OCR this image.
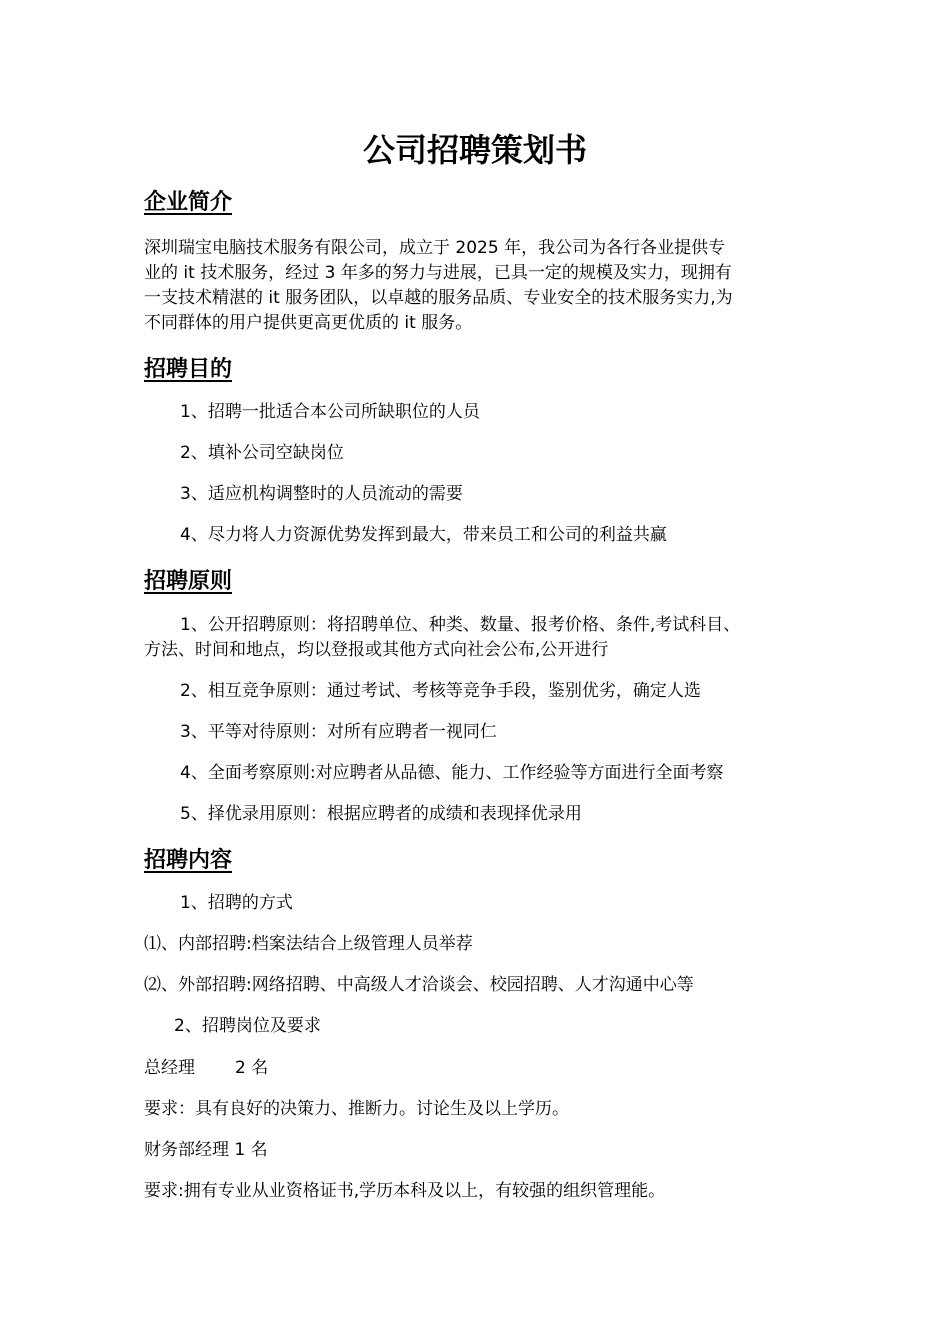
公司招聘策划书
企业简介
深圳瑞宝电脑技术服务有限公司，成立于 2025 年，我公司为各行各业提供专
业的 it 技术服务，经过 3 年多的努力与进展，已具一定的规模及实力，现拥有
一支技术精湛的 it 服务团队，以卓越的服务品质、专业安全的技术服务实力,为
不同群体的用户提供更高更优质的 it 服务。
招聘目的
1、招聘一批适合本公司所缺职位的人员
2、填补公司空缺岗位
3、适应机构调整时的人员流动的需要
4、尽力将人力资源优势发挥到最大，带来员工和公司的利益共赢
招聘原则
1、公开招聘原则：将招聘单位、种类、数量、报考价格、条件,考试科目、
方法、时间和地点，均以登报或其他方式向社会公布,公开进行
2、相互竞争原则：通过考试、考核等竞争手段，鉴别优劣，确定人选
3、平等对待原则：对所有应聘者一视同仁
4、全面考察原则:对应聘者从品德、能力、工作经验等方面进行全面考察
5、择优录用原则：根据应聘者的成绩和表现择优录用
招聘内容
1、招聘的方式
⑴、内部招聘:档案法结合上级管理人员举荐
⑵、外部招聘:网络招聘、中高级人才洽谈会、校园招聘、人才沟通中心等
2、招聘岗位及要求
总经理 2 名
要求：具有良好的决策力、推断力。讨论生及以上学历。
财务部经理 1 名
要求:拥有专业从业资格证书,学历本科及以上，有较强的组织管理能。
